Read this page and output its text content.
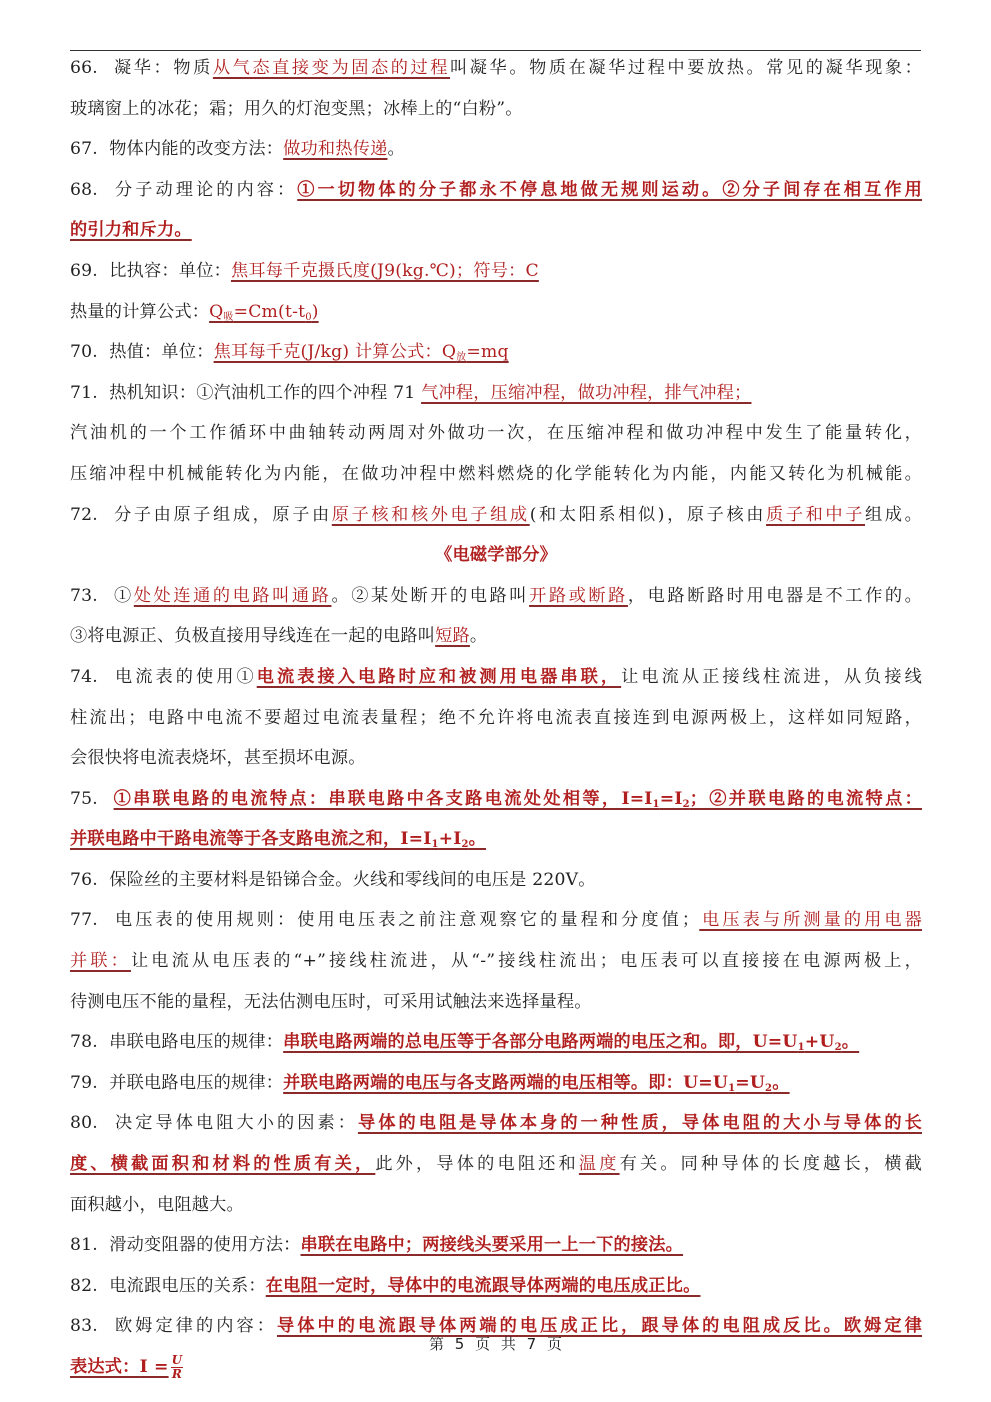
66. 凝华：物质从气态直接变为固态的过程叫凝华。物质在凝华过程中要放热。常见的凝华现象：
玻璃窗上的冰花；霜；用久的灯泡变黑；冰棒上的“白粉”。
67. 物体内能的改变方法：做功和热传递。
68. 分子动理论的内容：①一切物体的分子都永不停息地做无规则运动。②分子间存在相互作用
的引力和斥力。
69. 比执容：单位：焦耳每千克摄氏度(J9(kg.℃)；符号：C
热量的计算公式：$Q_吸=Cm(t-t_0)$
70. 热值：单位：焦耳每千克(J/kg) 计算公式：$Q_放=mq$
71. 热机知识：①汽油机工作的四个冲程 71 气冲程，压缩冲程，做功冲程，排气冲程；
汽油机的一个工作循环中曲轴转动两周对外做功一次，在压缩冲程和做功冲程中发生了能量转化，
压缩冲程中机械能转化为内能，在做功冲程中燃料燃烧的化学能转化为内能，内能又转化为机械能。
72. 分子由原子组成，原子由原子核和核外电子组成(和太阳系相似)，原子核由质子和中子组成。
《电磁学部分》
73. ①处处连通的电路叫通路。②某处断开的电路叫开路或断路，电路断路时用电器是不工作的。
③将电源正、负极直接用导线连在一起的电路叫短路。
74. 电流表的使用①电流表接入电路时应和被测用电器串联，让电流从正接线柱流进，从负接线
柱流出；电路中电流不要超过电流表量程；绝不允许将电流表直接连到电源两极上，这样如同短路，
会很快将电流表烧坏，甚至损坏电源。
75. ①串联电路的电流特点：串联电路中各支路电流处处相等，$I=I_1=I_2$；②并联电路的电流特点：
并联电路中干路电流等于各支路电流之和，$I=I_1+I_2$。
76. 保险丝的主要材料是铅锑合金。火线和零线间的电压是 220V。
77. 电压表的使用规则：使用电压表之前注意观察它的量程和分度值；电压表与所测量的用电器
并联：让电流从电压表的“+”接线柱流进，从“-”接线柱流出；电压表可以直接接在电源两极上，
待测电压不能的量程，无法估测电压时，可采用试触法来选择量程。
78. 串联电路电压的规律：串联电路两端的总电压等于各部分电路两端的电压之和。即，$U=U_1+U_2$。
79. 并联电路电压的规律：并联电路两端的电压与各支路两端的电压相等。即：$U=U_1=U_2$。
80. 决定导体电阻大小的因素：导体的电阻是导体本身的一种性质，导体电阻的大小与导体的长
度、横截面积和材料的性质有关，此外，导体的电阻还和温度有关。同种导体的长度越长，横截
面积越小，电阻越大。
81. 滑动变阻器的使用方法：串联在电路中；两接线头要采用一上一下的接法。
82. 电流跟电压的关系：在电阻一定时，导体中的电流跟导体两端的电压成正比。
83. 欧姆定律的内容：导体中的电流跟导体两端的电压成正比，跟导体的电阻成反比。欧姆定律
表达式：$I = \frac{U}{R}$
第 5 页 共 7 页
